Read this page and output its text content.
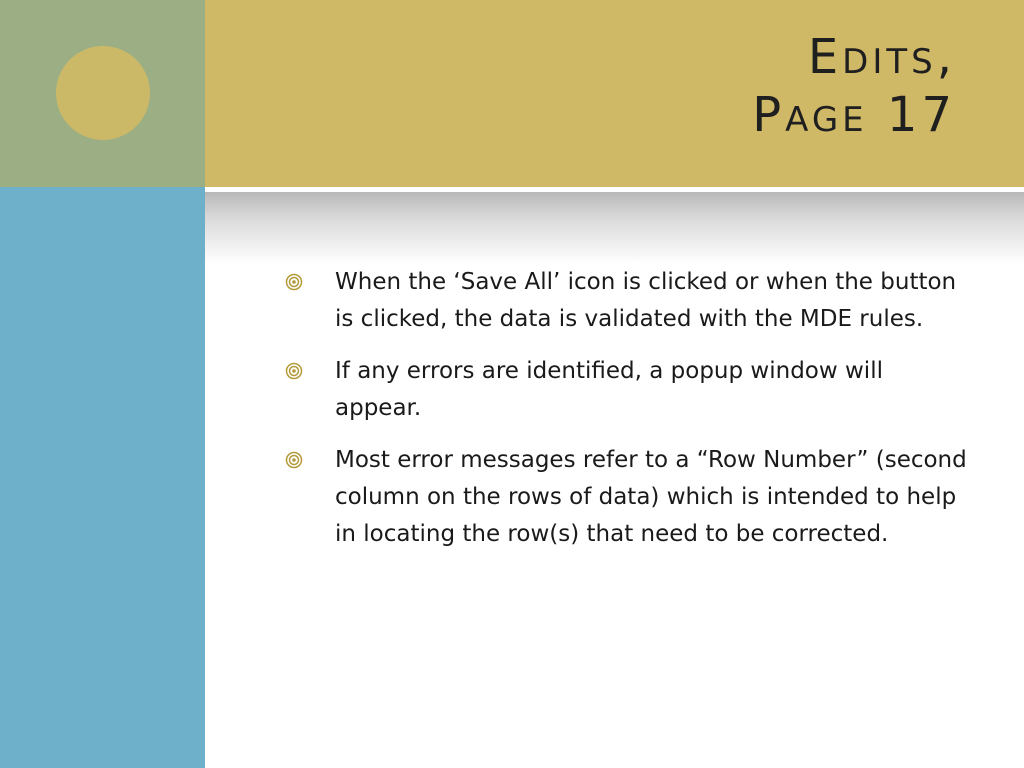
Edits,
Page 17
When the ‘Save All’ icon is clicked or when the button is clicked, the data is validated with the MDE rules.
If any errors are identified, a popup window will appear.
Most error messages refer to a “Row Number” (second column on the rows of data) which is intended to help in locating the row(s) that need to be corrected.
